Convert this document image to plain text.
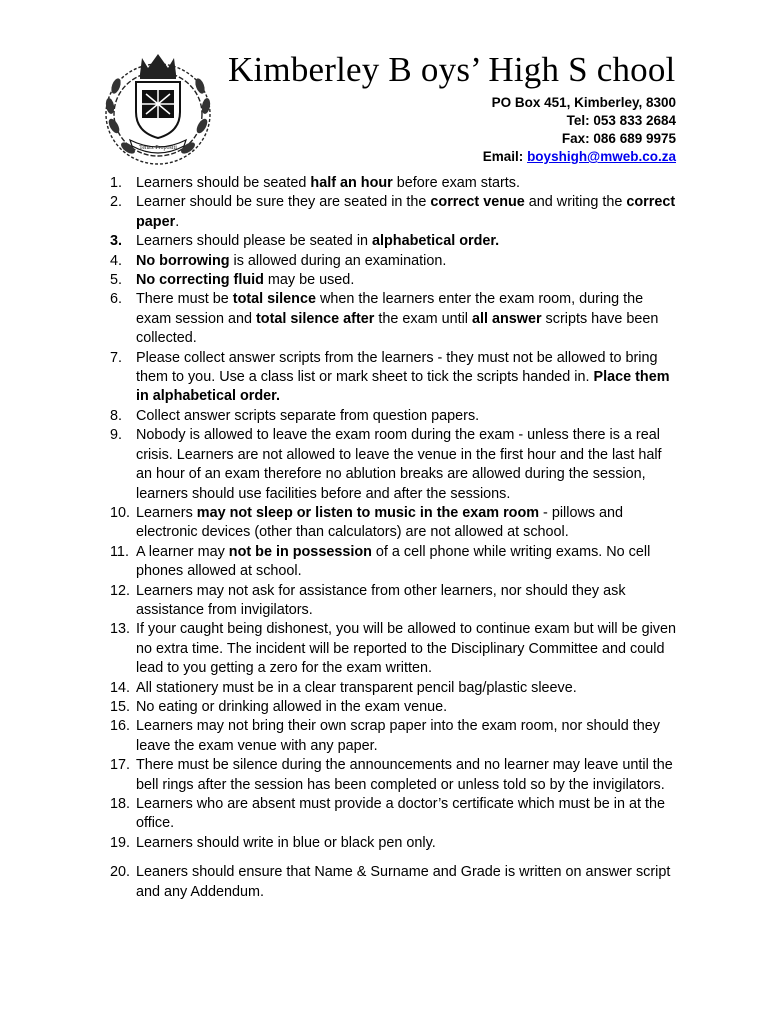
Tenax Propositi
Kimberley B oys’ High S chool
PO Box 451, Kimberley, 8300
Tel: 053 833 2684
Fax: 086 689 9975
Email: boyshigh@mweb.co.za
1. Learners should be seated half an hour before exam starts.
2. Learner should be sure they are seated in the correct venue and writing the correct paper.
3. Learners should please be seated in alphabetical order.
4. No borrowing is allowed during an examination.
5. No correcting fluid may be used.
6. There must be total silence when the learners enter the exam room, during the exam session and total silence after the exam until all answer scripts have been collected.
7. Please collect answer scripts from the learners - they must not be allowed to bring them to you. Use a class list or mark sheet to tick the scripts handed in. Place them in alphabetical order.
8. Collect answer scripts separate from question papers.
9. Nobody is allowed to leave the exam room during the exam - unless there is a real crisis. Learners are not allowed to leave the venue in the first hour and the last half an hour of an exam therefore no ablution breaks are allowed during the session, learners should use facilities before and after the sessions.
10. Learners may not sleep or listen to music in the exam room - pillows and electronic devices (other than calculators) are not allowed at school.
11. A learner may not be in possession of a cell phone while writing exams. No cell phones allowed at school.
12. Learners may not ask for assistance from other learners, nor should they ask assistance from invigilators.
13. If your caught being dishonest, you will be allowed to continue exam but will be given no extra time. The incident will be reported to the Disciplinary Committee and could lead to you getting a zero for the exam written.
14. All stationery must be in a clear transparent pencil bag/plastic sleeve.
15. No eating or drinking allowed in the exam venue.
16. Learners may not bring their own scrap paper into the exam room, nor should they leave the exam venue with any paper.
17. There must be silence during the announcements and no learner may leave until the bell rings after the session has been completed or unless told so by the invigilators.
18. Learners who are absent must provide a doctor’s certificate which must be in at the office.
19. Learners should write in blue or black pen only.
20. Leaners should ensure that Name & Surname and Grade is written on answer script and any Addendum.
